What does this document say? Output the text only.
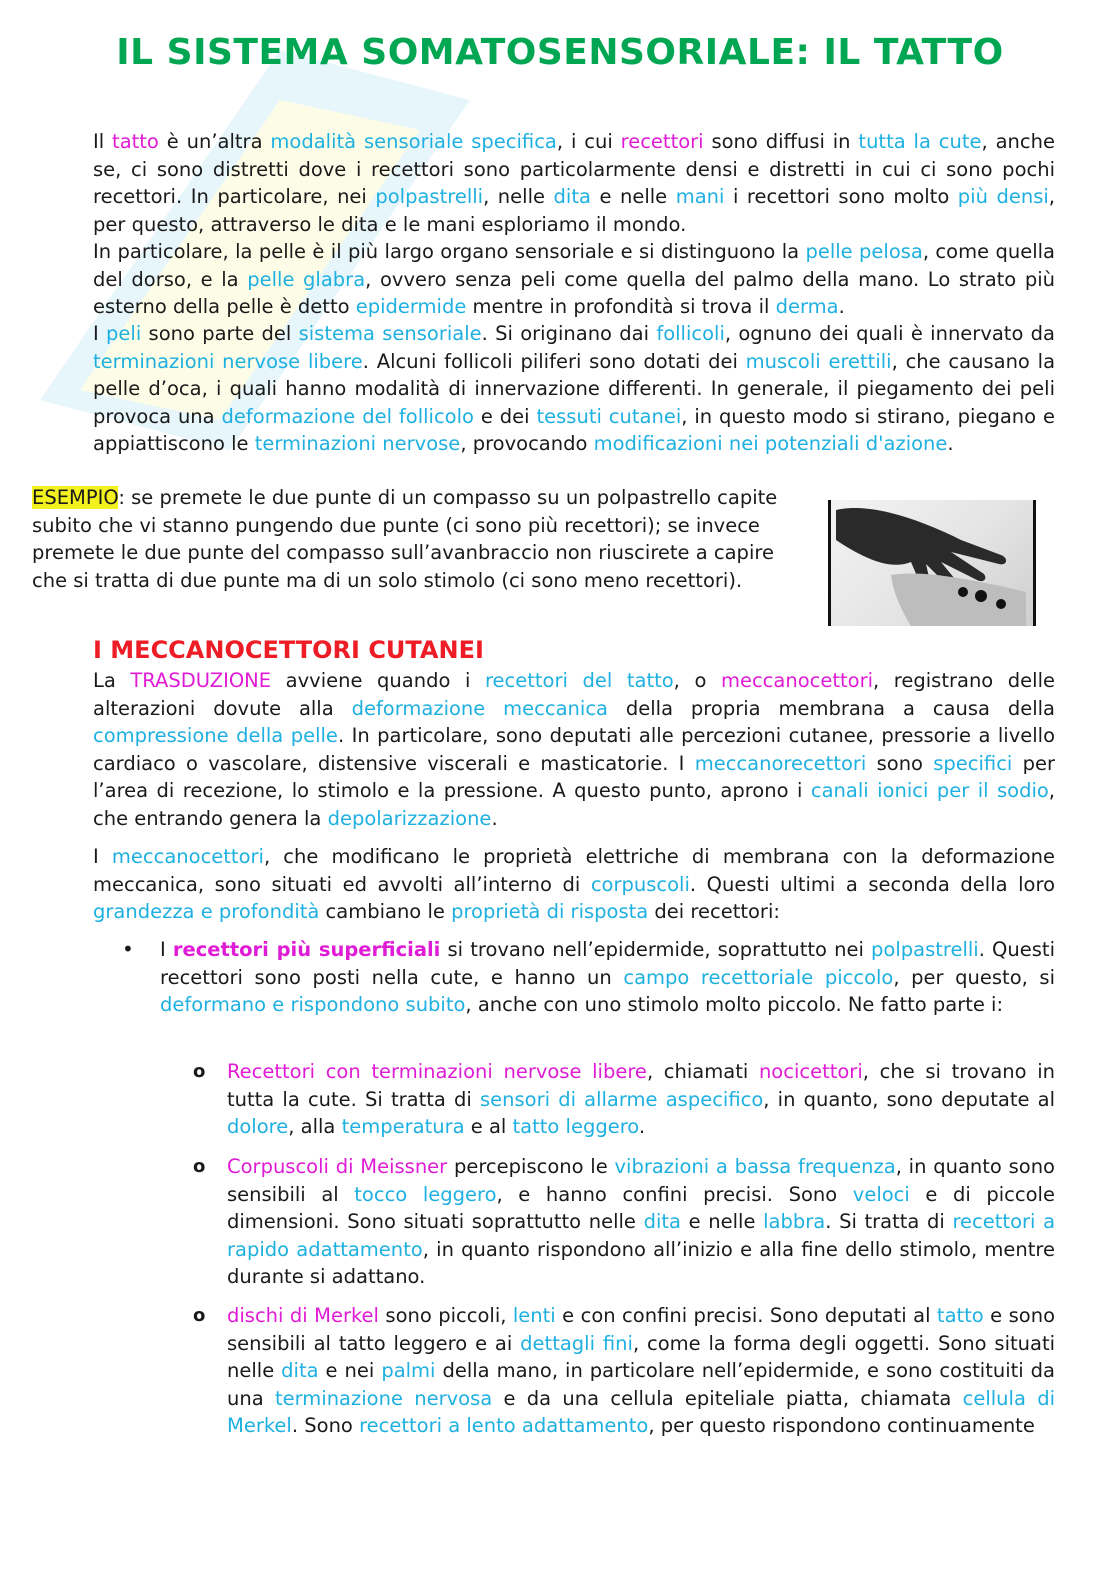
IL SISTEMA SOMATOSENSORIALE: IL TATTO
Il tatto è un’altra modalità sensoriale specifica, i cui recettori sono diffusi in tutta la cute, anche se, ci sono distretti dove i recettori sono particolarmente densi e distretti in cui ci sono pochi recettori. In particolare, nei polpastrelli, nelle dita e nelle mani i recettori sono molto più densi, per questo, attraverso le dita e le mani esploriamo il mondo.
In particolare, la pelle è il più largo organo sensoriale e si distinguono la pelle pelosa, come quella del dorso, e la pelle glabra, ovvero senza peli come quella del palmo della mano. Lo strato più esterno della pelle è detto epidermide mentre in profondità si trova il derma.
I peli sono parte del sistema sensoriale. Si originano dai follicoli, ognuno dei quali è innervato da terminazioni nervose libere. Alcuni follicoli piliferi sono dotati dei muscoli erettili, che causano la pelle d’oca, i quali hanno modalità di innervazione differenti. In generale, il piegamento dei peli provoca una deformazione del follicolo e dei tessuti cutanei, in questo modo si stirano, piegano e appiattiscono le terminazioni nervose, provocando modificazioni nei potenziali d'azione.
ESEMPIO: se premete le due punte di un compasso su un polpastrello capite subito che vi stanno pungendo due punte (ci sono più recettori); se invece premete le due punte del compasso sull’avanbraccio non riuscirete a capire che si tratta di due punte ma di un solo stimolo (ci sono meno recettori).
I MECCANOCETTORI CUTANEI
La TRASDUZIONE avviene quando i recettori del tatto, o meccanocettori, registrano delle alterazioni dovute alla deformazione meccanica della propria membrana a causa della compressione della pelle. In particolare, sono deputati alle percezioni cutanee, pressorie a livello cardiaco o vascolare, distensive viscerali e masticatorie. I meccanorecettori sono specifici per l’area di recezione, lo stimolo e la pressione. A questo punto, aprono i canali ionici per il sodio, che entrando genera la depolarizzazione.
I meccanocettori, che modificano le proprietà elettriche di membrana con la deformazione meccanica, sono situati ed avvolti all’interno di corpuscoli. Questi ultimi a seconda della loro grandezza e profondità cambiano le proprietà di risposta dei recettori:
• I recettori più superficiali si trovano nell’epidermide, soprattutto nei polpastrelli. Questi recettori sono posti nella cute, e hanno un campo recettoriale piccolo, per questo, si deformano e rispondono subito, anche con uno stimolo molto piccolo. Ne fatto parte i:
o Recettori con terminazioni nervose libere, chiamati nocicettori, che si trovano in tutta la cute. Si tratta di sensori di allarme aspecifico, in quanto, sono deputate al dolore, alla temperatura e al tatto leggero.
o Corpuscoli di Meissner percepiscono le vibrazioni a bassa frequenza, in quanto sono sensibili al tocco leggero, e hanno confini precisi. Sono veloci e di piccole dimensioni. Sono situati soprattutto nelle dita e nelle labbra. Si tratta di recettori a rapido adattamento, in quanto rispondono all’inizio e alla fine dello stimolo, mentre durante si adattano.
o dischi di Merkel sono piccoli, lenti e con confini precisi. Sono deputati al tatto e sono sensibili al tatto leggero e ai dettagli fini, come la forma degli oggetti. Sono situati nelle dita e nei palmi della mano, in particolare nell’epidermide, e sono costituiti da una terminazione nervosa e da una cellula epiteliale piatta, chiamata cellula di Merkel. Sono recettori a lento adattamento, per questo rispondono continuamente
